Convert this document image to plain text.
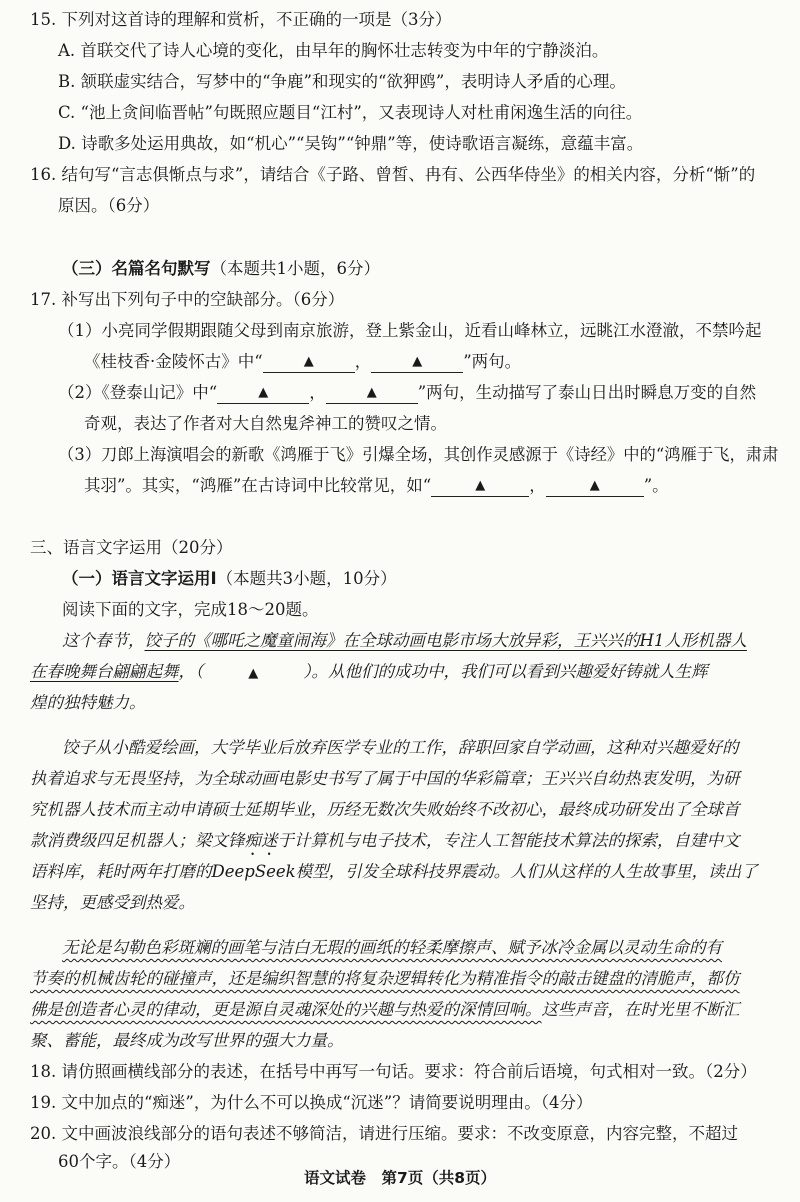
15. 下列对这首诗的理解和赏析，不正确的一项是（3分）
A. 首联交代了诗人心境的变化，由早年的胸怀壮志转变为中年的宁静淡泊。
B. 颔联虚实结合，写梦中的“争鹿”和现实的“欲狎鸥”，表明诗人矛盾的心理。
C. “池上贪间临晋帖”句既照应题目“江村”，又表现诗人对杜甫闲逸生活的向往。
D. 诗歌多处运用典故，如“机心”“吴钩”“钟鼎”等，使诗歌语言凝练，意蕴丰富。
16. 结句写“言志俱惭点与求”，请结合《子路、曾皙、冉有、公西华侍坐》的相关内容，分析“惭”的
原因。（6分）
（三）名篇名句默写（本题共1小题，6分）
17. 补写出下列句子中的空缺部分。（6分）
（1）小亮同学假期跟随父母到南京旅游，登上紫金山，近看山峰林立，远眺江水澄澈，不禁吟起
《桂枝香·金陵怀古》中“	▲ ，	▲ ”两句。
（2）《登泰山记》中“	▲ ，	▲ ”两句，生动描写了泰山日出时瞬息万变的自然
奇观，表达了作者对大自然鬼斧神工的赞叹之情。
（3）刀郎上海演唱会的新歌《鸿雁于飞》引爆全场，其创作灵感源于《诗经》中的“鸿雁于飞，肃肃
其羽”。其实，“鸿雁”在古诗词中比较常见，如“	▲	，	▲	”。
三、语言文字运用（20分）
（一）语言文字运用Ⅰ（本题共3小题，10分）
阅读下面的文字，完成18～20题。
这个春节，饺子的《哪吒之魔童闹海》在全球动画电影市场大放异彩，王兴兴的H1人形机器人
在春晚舞台翩翩起舞，（	▲	）。从他们的成功中，我们可以看到兴趣爱好铸就人生辉
煌的独特魅力。
饺子从小酷爱绘画，大学毕业后放弃医学专业的工作，辞职回家自学动画，这种对兴趣爱好的
执着追求与无畏坚持，为全球动画电影史书写了属于中国的华彩篇章；王兴兴自幼热衷发明，为研
究机器人技术而主动申请硕士延期毕业，历经无数次失败始终不改初心，最终成功研发出了全球首
款消费级四足机器人；梁文锋痴迷于计算机与电子技术，专注人工智能技术算法的探索，自建中文
语料库，耗时两年打磨的DeepSeek模型，引发全球科技界震动。人们从这样的人生故事里，读出了
坚持，更感受到热爱。
无论是勾勒色彩斑斓的画笔与洁白无瑕的画纸的轻柔摩擦声、赋予冰冷金属以灵动生命的有
节奏的机械齿轮的碰撞声，还是编织智慧的将复杂逻辑转化为精准指令的敲击键盘的清脆声，都仿
佛是创造者心灵的律动，更是源自灵魂深处的兴趣与热爱的深情回响。这些声音，在时光里不断汇
聚、蓄能，最终成为改写世界的强大力量。
18. 请仿照画横线部分的表述，在括号中再写一句话。要求：符合前后语境，句式相对一致。（2分）
19. 文中加点的“痴迷”，为什么不可以换成“沉迷”？请简要说明理由。（4分）
20. 文中画波浪线部分的语句表述不够简洁，请进行压缩。要求：不改变原意，内容完整，不超过
60个字。（4分）
语文试卷　第7页（共8页）
